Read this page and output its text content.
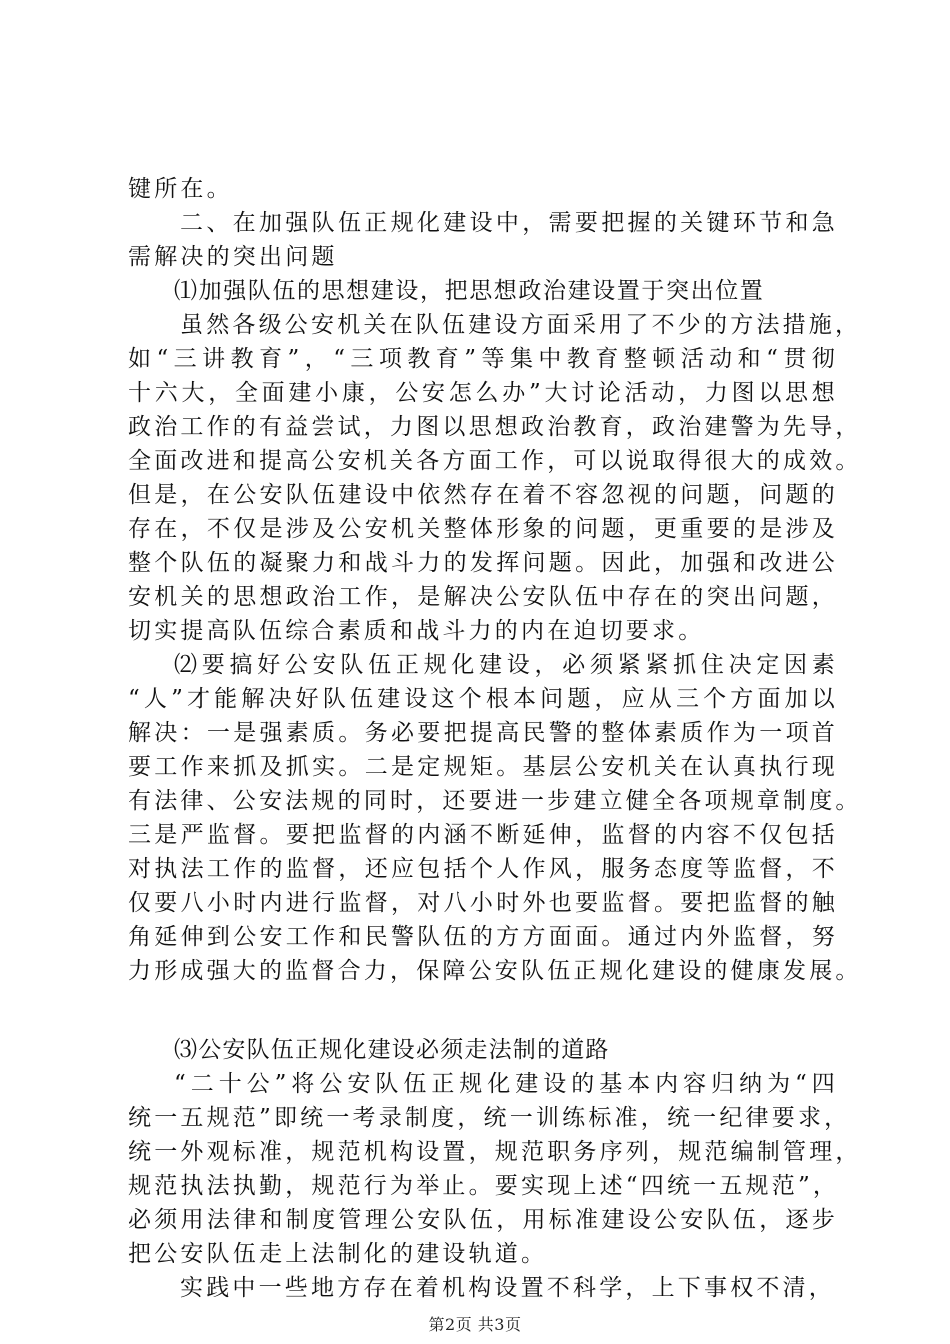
键所在。
二、在加强队伍正规化建设中，需要把握的关键环节和急
需解决的突出问题
⑴加强队伍的思想建设，把思想政治建设置于突出位置
虽然各级公安机关在队伍建设方面采用了不少的方法措施，
如“三讲教育”，“三项教育”等集中教育整顿活动和“贯彻
十六大，全面建小康，公安怎么办”大讨论活动，力图以思想
政治工作的有益尝试，力图以思想政治教育，政治建警为先导，
全面改进和提高公安机关各方面工作，可以说取得很大的成效。
但是，在公安队伍建设中依然存在着不容忽视的问题，问题的
存在，不仅是涉及公安机关整体形象的问题，更重要的是涉及
整个队伍的凝聚力和战斗力的发挥问题。因此，加强和改进公
安机关的思想政治工作，是解决公安队伍中存在的突出问题，
切实提高队伍综合素质和战斗力的内在迫切要求。
⑵要搞好公安队伍正规化建设，必须紧紧抓住决定因素
“人”才能解决好队伍建设这个根本问题，应从三个方面加以
解决：一是强素质。务必要把提高民警的整体素质作为一项首
要工作来抓及抓实。二是定规矩。基层公安机关在认真执行现
有法律、公安法规的同时，还要进一步建立健全各项规章制度。
三是严监督。要把监督的内涵不断延伸，监督的内容不仅包括
对执法工作的监督，还应包括个人作风，服务态度等监督，不
仅要八小时内进行监督，对八小时外也要监督。要把监督的触
角延伸到公安工作和民警队伍的方方面面。通过内外监督，努
力形成强大的监督合力，保障公安队伍正规化建设的健康发展。
⑶公安队伍正规化建设必须走法制的道路
“二十公”将公安队伍正规化建设的基本内容归纳为“四
统一五规范”即统一考录制度，统一训练标准，统一纪律要求，
统一外观标准，规范机构设置，规范职务序列，规范编制管理，
规范执法执勤，规范行为举止。要实现上述“四统一五规范”，
必须用法律和制度管理公安队伍，用标准建设公安队伍，逐步
把公安队伍走上法制化的建设轨道。
实践中一些地方存在着机构设置不科学，上下事权不清，
第2页 共3页
